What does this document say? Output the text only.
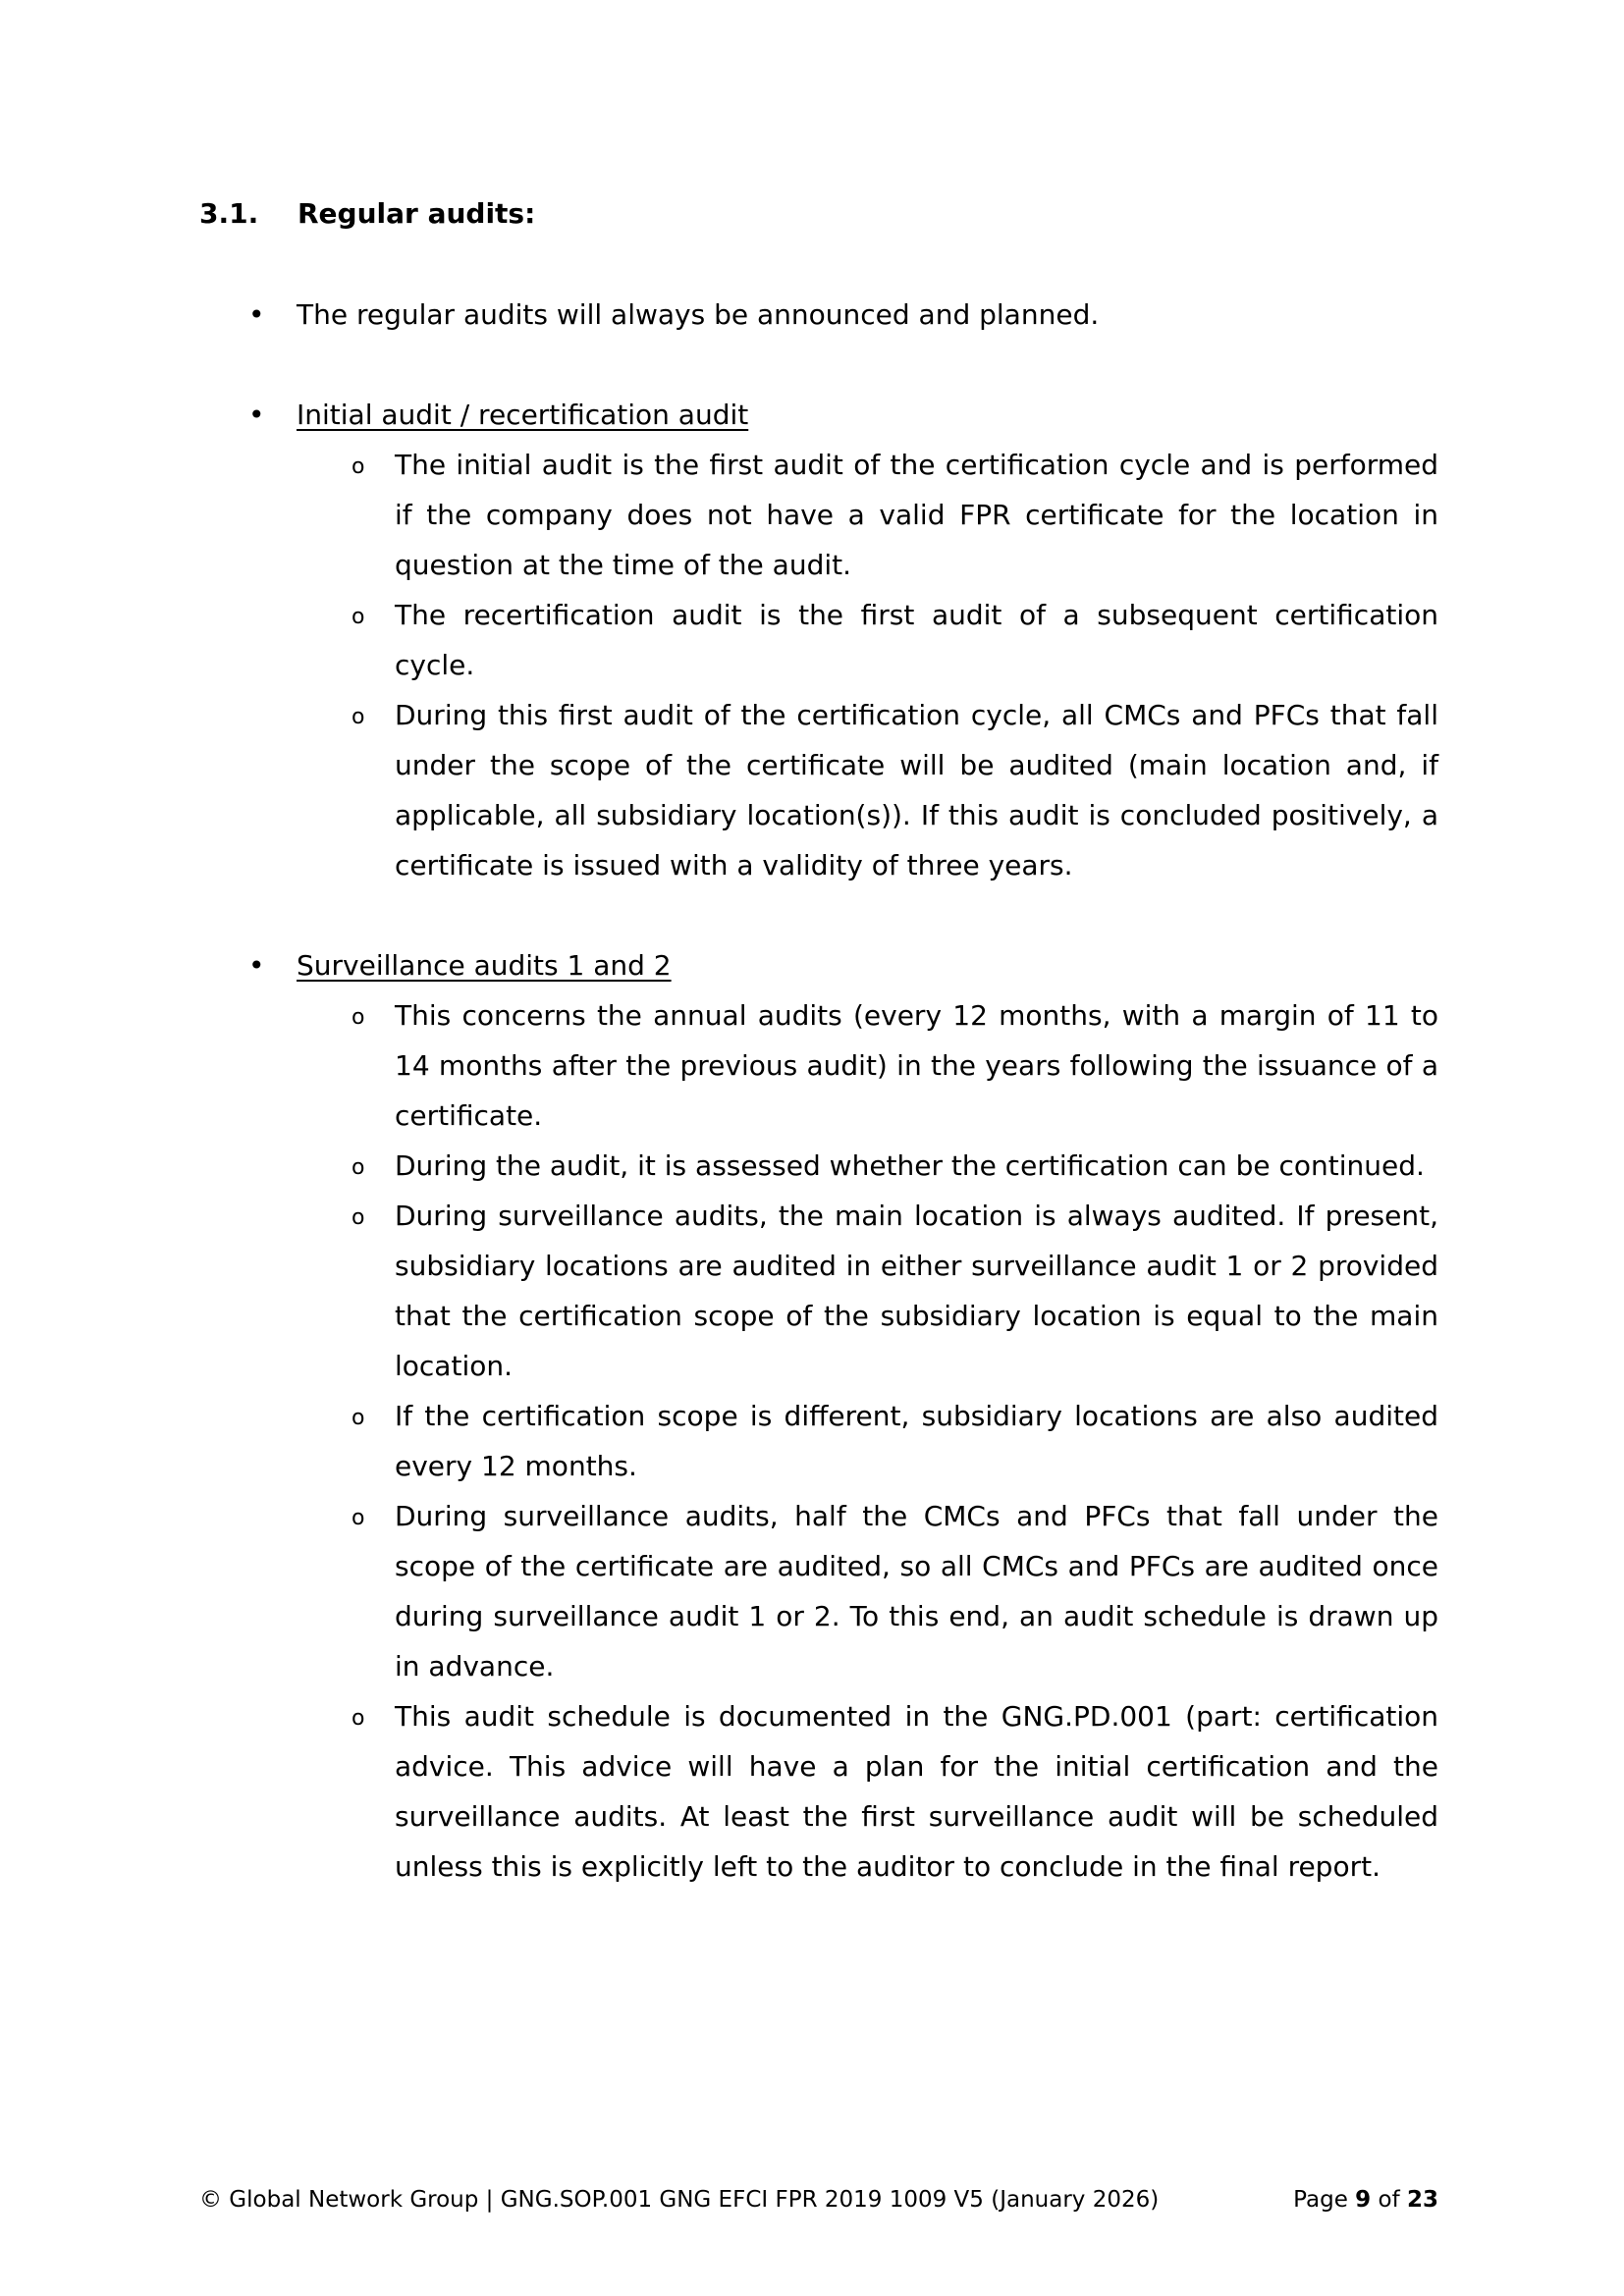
3.1. Regular audits:
• The regular audits will always be announced and planned.
• Initial audit / recertification audit
o The initial audit is the first audit of the certification cycle and is performed if the company does not have a valid FPR certificate for the location in question at the time of the audit.
o The recertification audit is the first audit of a subsequent certification cycle.
o During this first audit of the certification cycle, all CMCs and PFCs that fall under the scope of the certificate will be audited (main location and, if applicable, all subsidiary location(s)). If this audit is concluded positively, a certificate is issued with a validity of three years.
• Surveillance audits 1 and 2
o This concerns the annual audits (every 12 months, with a margin of 11 to 14 months after the previous audit) in the years following the issuance of a certificate.
o During the audit, it is assessed whether the certification can be continued.
o During surveillance audits, the main location is always audited. If present, subsidiary locations are audited in either surveillance audit 1 or 2 provided that the certification scope of the subsidiary location is equal to the main location.
o If the certification scope is different, subsidiary locations are also audited every 12 months.
o During surveillance audits, half the CMCs and PFCs that fall under the scope of the certificate are audited, so all CMCs and PFCs are audited once during surveillance audit 1 or 2. To this end, an audit schedule is drawn up in advance.
o This audit schedule is documented in the GNG.PD.001 (part: certification advice. This advice will have a plan for the initial certification and the surveillance audits. At least the first surveillance audit will be scheduled unless this is explicitly left to the auditor to conclude in the final report.
© Global Network Group | GNG.SOP.001 GNG EFCI FPR 2019 1009 V5 (January 2026)	Page 9 of 23
